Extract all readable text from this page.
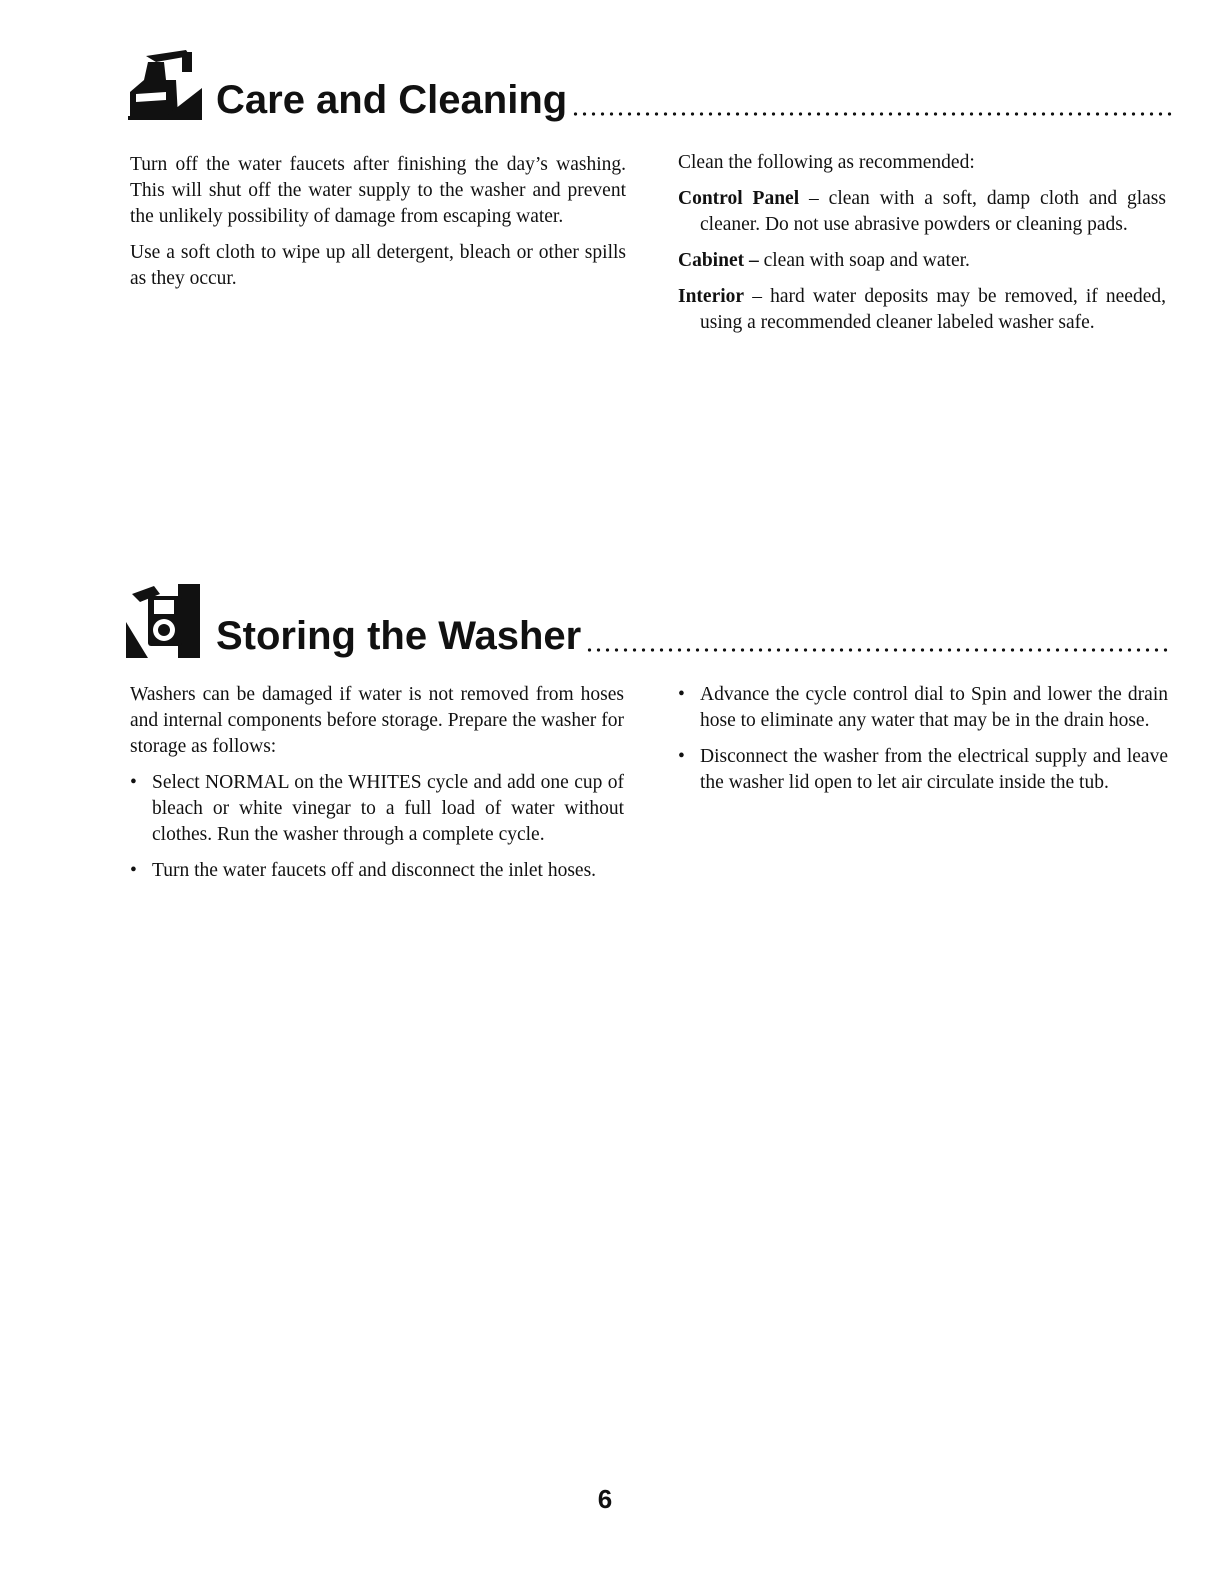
Care and Cleaning

Turn off the water faucets after finishing the day’s washing. This will shut off the water supply to the washer and prevent the unlikely possibility of damage from escaping water.

Use a soft cloth to wipe up all detergent, bleach or other spills as they occur.

Clean the following as recommended:

Control Panel – clean with a soft, damp cloth and glass cleaner. Do not use abrasive powders or cleaning pads.

Cabinet – clean with soap and water.

Interior – hard water deposits may be removed, if needed, using a recommended cleaner labeled washer safe.

Storing the Washer

Washers can be damaged if water is not removed from hoses and internal components before storage. Prepare the washer for storage as follows:

• Select NORMAL on the WHITES cycle and add one cup of bleach or white vinegar to a full load of water without clothes. Run the washer through a complete cycle.
• Turn the water faucets off and disconnect the inlet hoses.
• Advance the cycle control dial to Spin and lower the drain hose to eliminate any water that may be in the drain hose.
• Disconnect the washer from the electrical supply and leave the washer lid open to let air circulate inside the tub.
6
